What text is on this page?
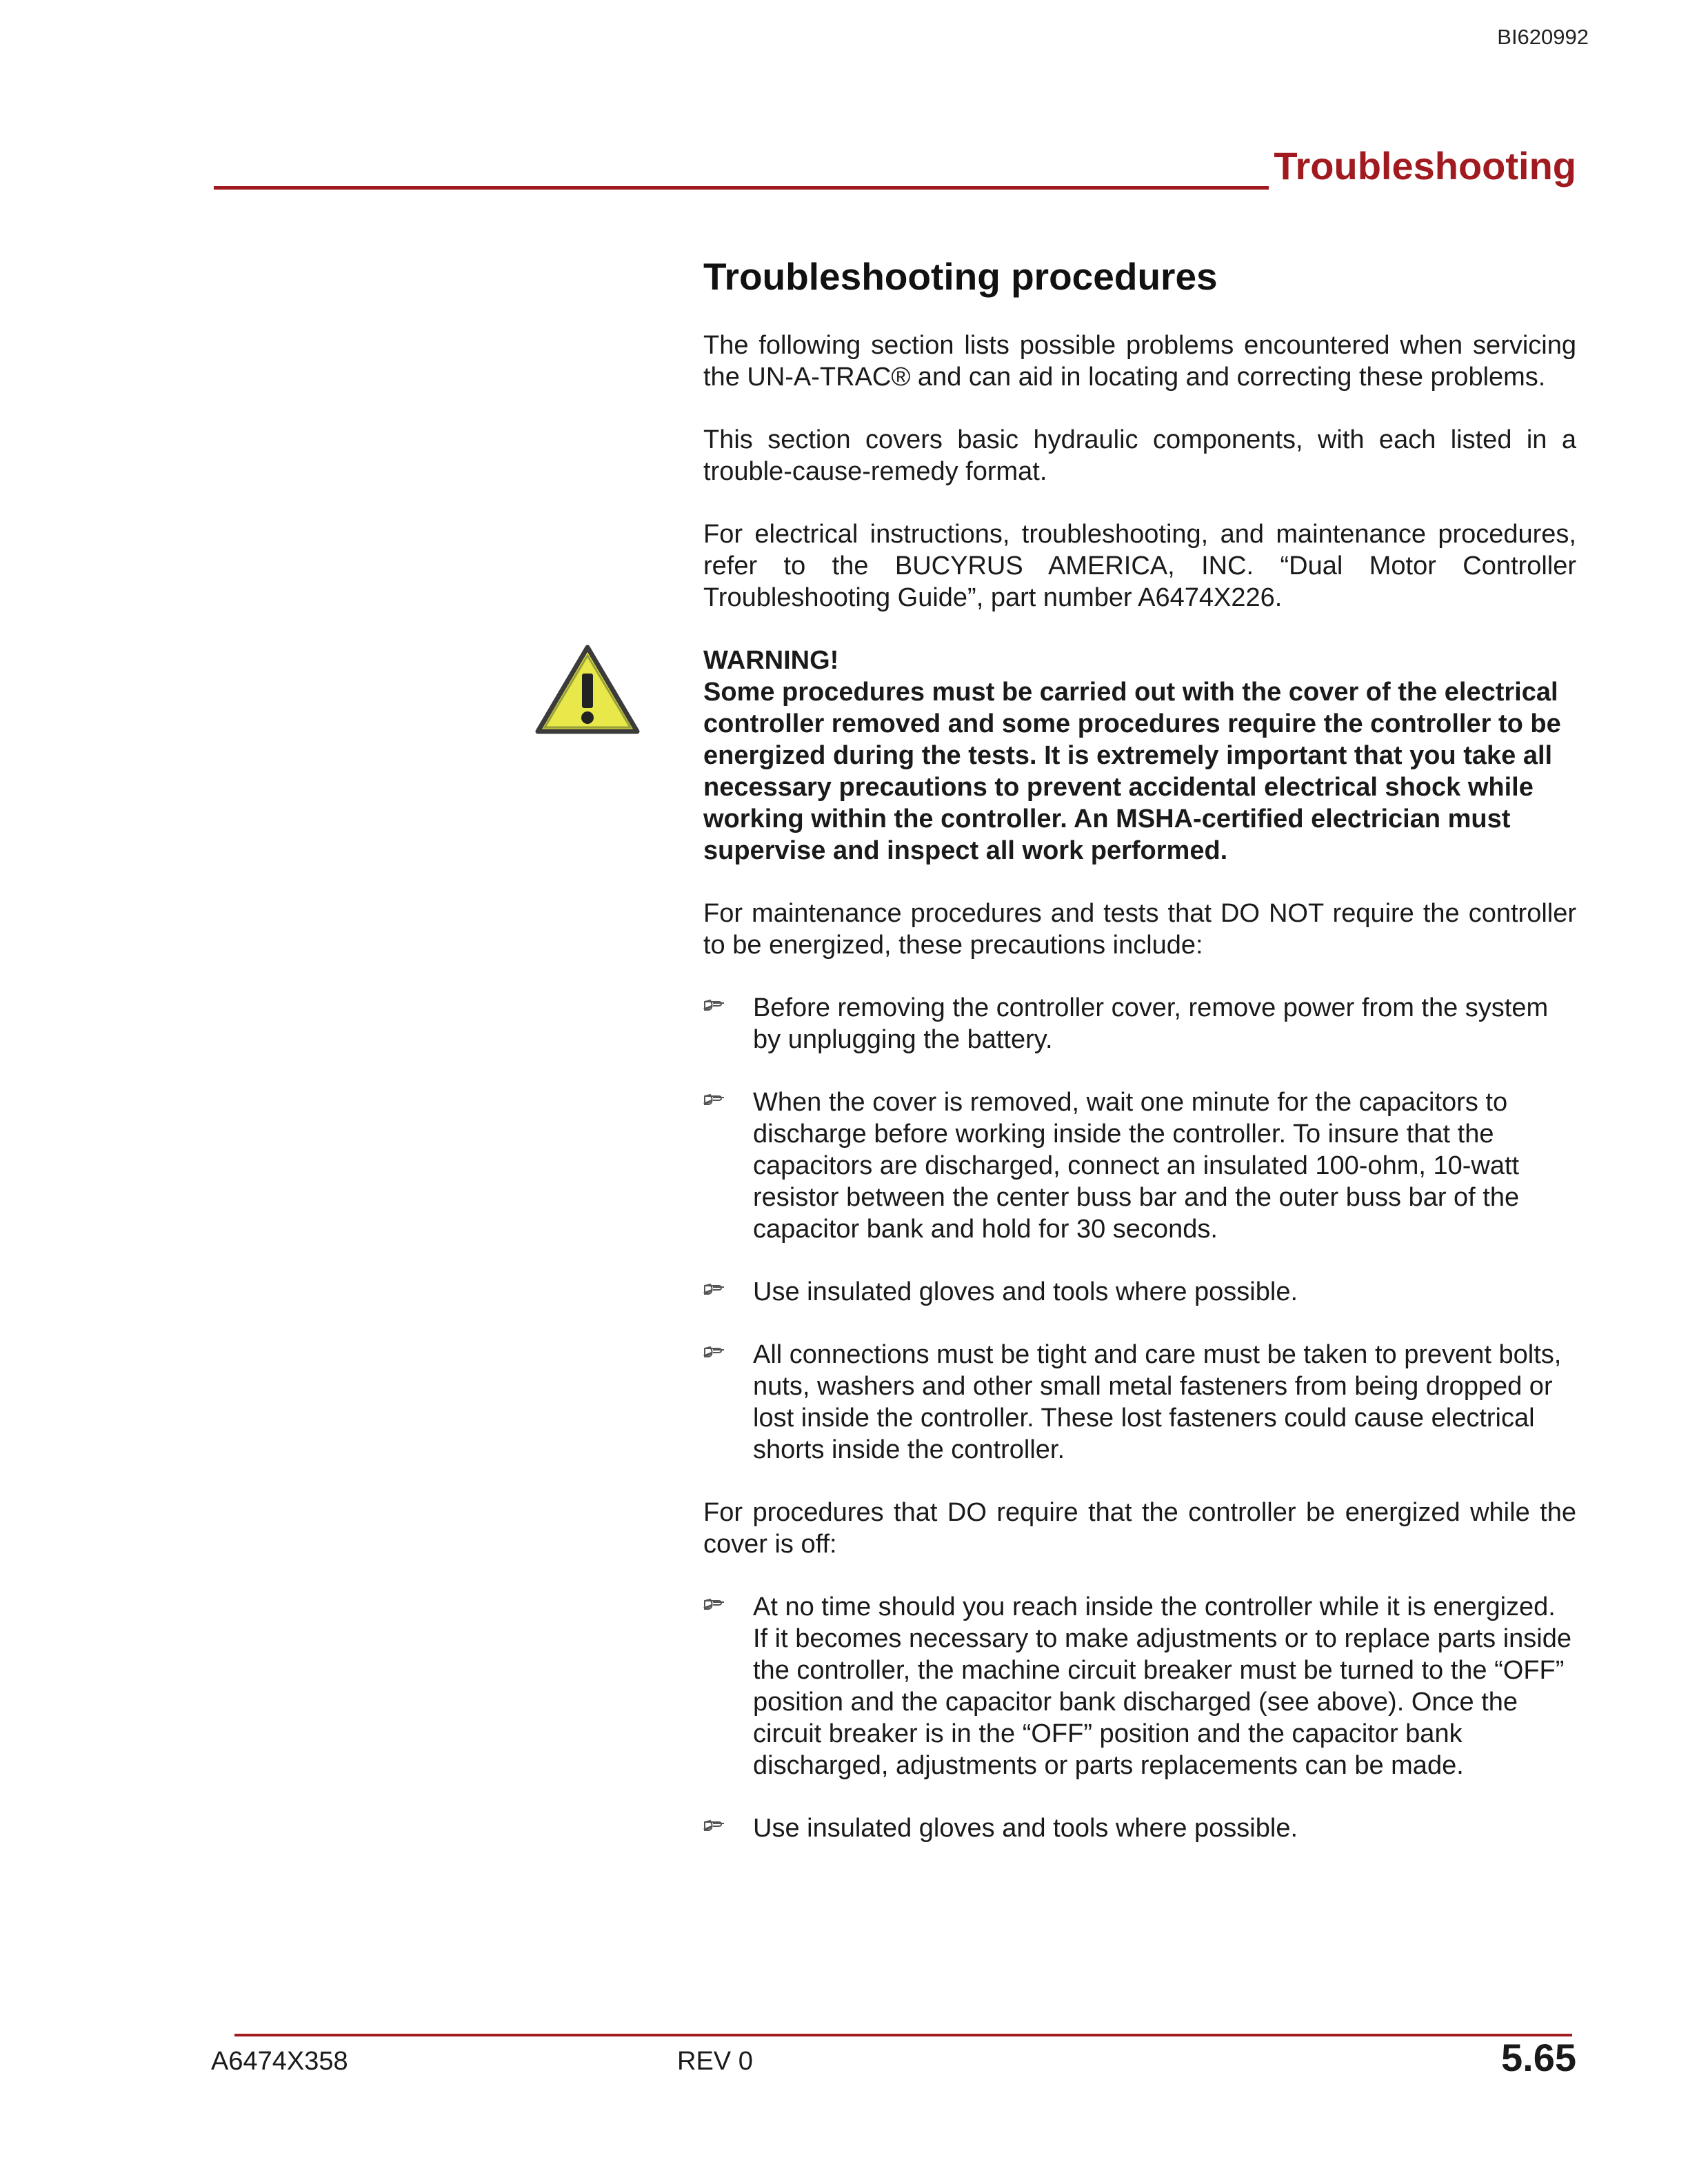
BI620992
Troubleshooting
Troubleshooting procedures

The following section lists possible problems encountered when servicing the UN-A-TRAC® and can aid in locating and correcting these problems.

This section covers basic hydraulic components, with each listed in a trouble-cause-remedy format.

For electrical instructions, troubleshooting, and maintenance procedures, refer to the BUCYRUS AMERICA, INC. “Dual Motor Controller Troubleshooting Guide”, part number A6474X226.

WARNING!
Some procedures must be carried out with the cover of the electrical controller removed and some procedures require the controller to be energized during the tests. It is extremely important that you take all necessary precautions to prevent accidental electrical shock while working within the controller. An MSHA-certified electrician must supervise and inspect all work performed.

For maintenance procedures and tests that DO NOT require the controller to be energized, these precautions include:

Before removing the controller cover, remove power from the system by unplugging the battery.
When the cover is removed, wait one minute for the capacitors to discharge before working inside the controller. To insure that the capacitors are discharged, connect an insulated 100-ohm, 10-watt resistor between the center buss bar and the outer buss bar of the capacitor bank and hold for 30 seconds.
Use insulated gloves and tools where possible.
All connections must be tight and care must be taken to prevent bolts, nuts, washers and other small metal fasteners from being dropped or lost inside the controller. These lost fasteners could cause electrical shorts inside the controller.

For procedures that DO require that the controller be energized while the cover is off:

At no time should you reach inside the controller while it is energized. If it becomes necessary to make adjustments or to replace parts inside the controller, the machine circuit breaker must be turned to the “OFF” position and the capacitor bank discharged (see above). Once the circuit breaker is in the “OFF” position and the capacitor bank discharged, adjustments or parts replacements can be made.
Use insulated gloves and tools where possible.
A6474X358	REV 0	5.65
